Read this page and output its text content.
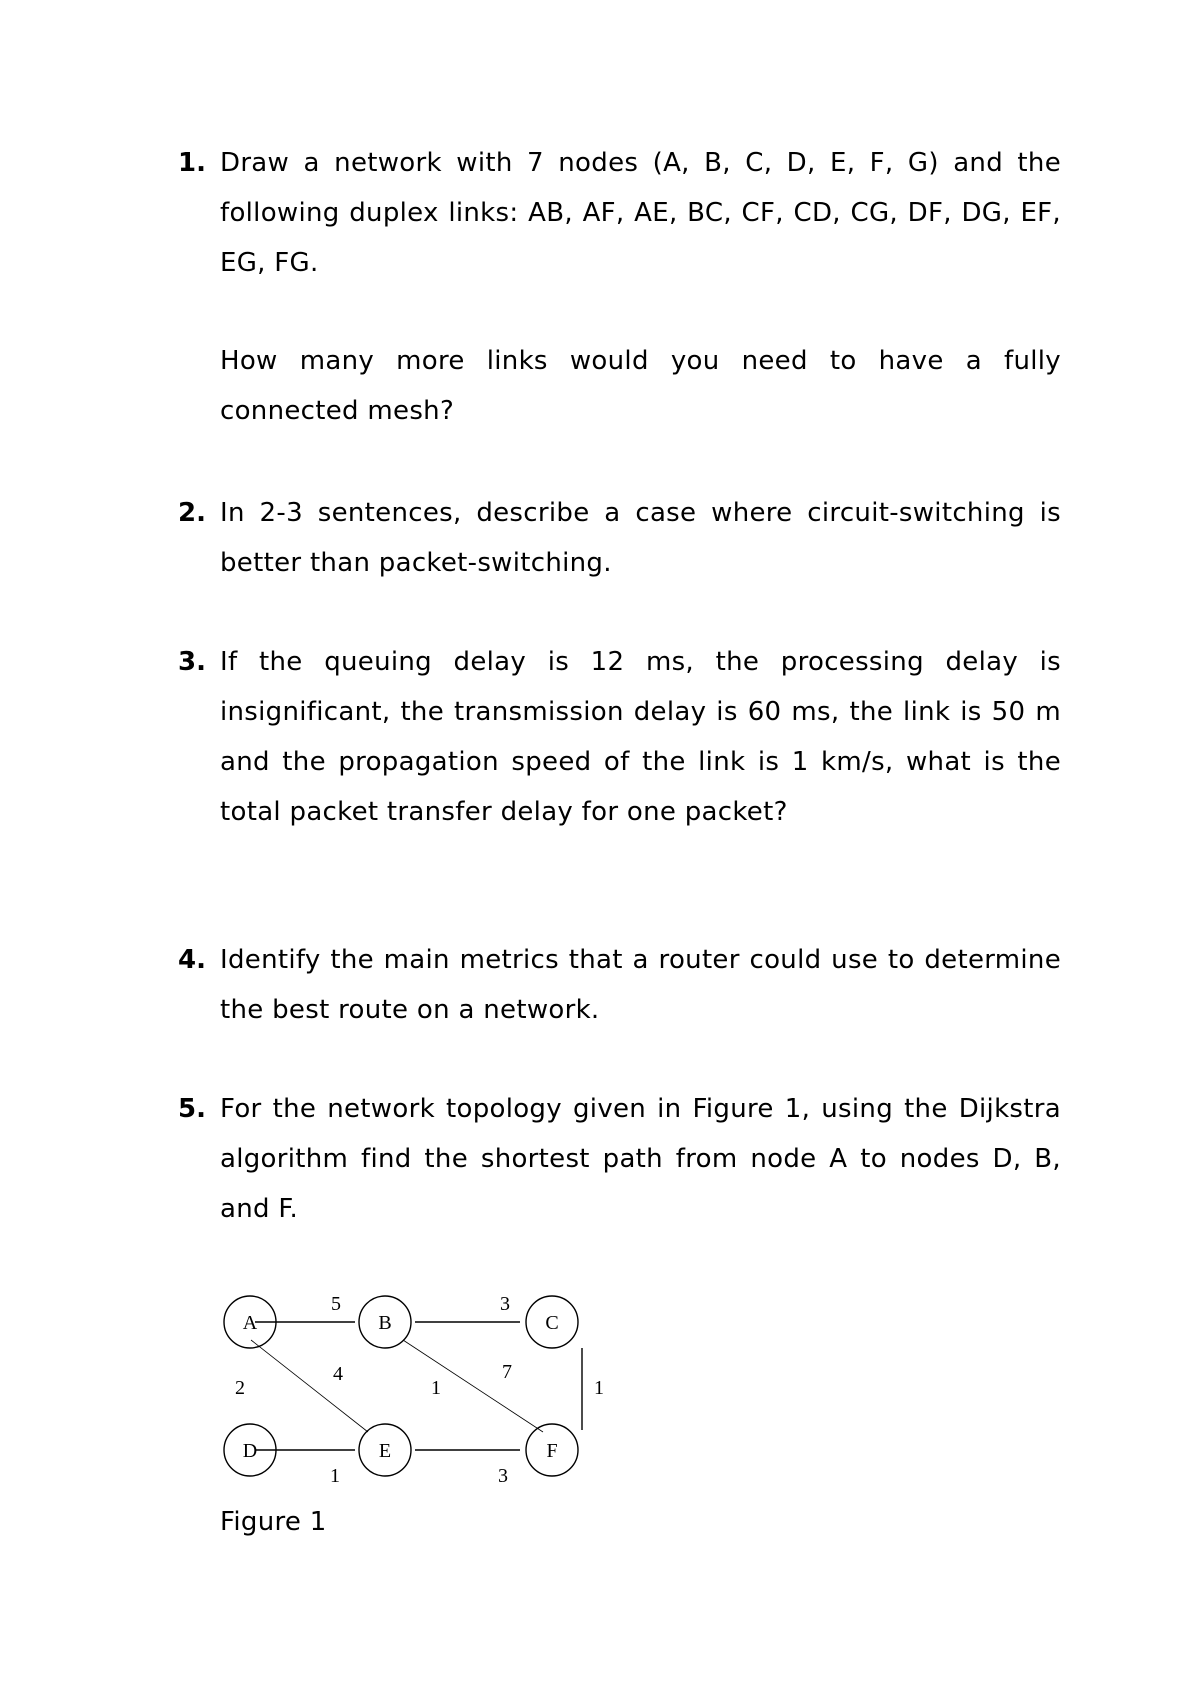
1. Draw a network with 7 nodes (A, B, C, D, E, F, G) and the following duplex links: AB, AF, AE, BC, CF, CD, CG, DF, DG, EF, EG, FG.

How many more links would you need to have a fully connected mesh?

2. In 2-3 sentences, describe a case where circuit-switching is better than packet-switching.

3. If the queuing delay is 12 ms, the processing delay is insignificant, the transmission delay is 60 ms, the link is 50 m and the propagation speed of the link is 1 km/s, what is the total packet transfer delay for one packet?

4. Identify the main metrics that a router could use to determine the best route on a network.

5. For the network topology given in Figure 1, using the Dijkstra algorithm find the shortest path from node A to nodes D, B, and F.

A	B	C
D	E	F
5	3
2
4
1
7
1
1	3
Figure 1
